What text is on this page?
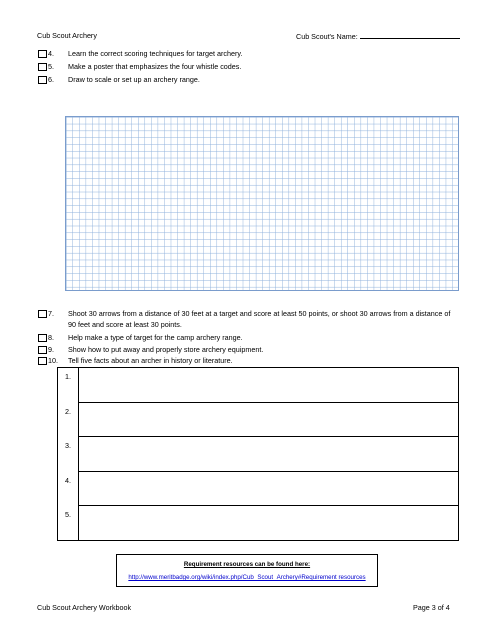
Cub Scout Archery	Cub Scout's Name:
4. Learn the correct scoring techniques for target archery.
5. Make a poster that emphasizes the four whistle codes.
6. Draw to scale or set up an archery range.
7. Shoot 30 arrows from a distance of 30 feet at a target and score at least 50 points, or shoot 30 arrows from a distance of
90 feet and score at least 30 points.
8. Help make a type of target for the camp archery range.
9. Show how to put away and properly store archery equipment.
10. Tell five facts about an archer in history or literature.
1.
2.
3.
4.
5.
Requirement resources can be found here:
http://www.meritbadge.org/wiki/index.php/Cub_Scout_Archery#Requirement resources
Cub Scout Archery Workbook	Page 3 of 4
